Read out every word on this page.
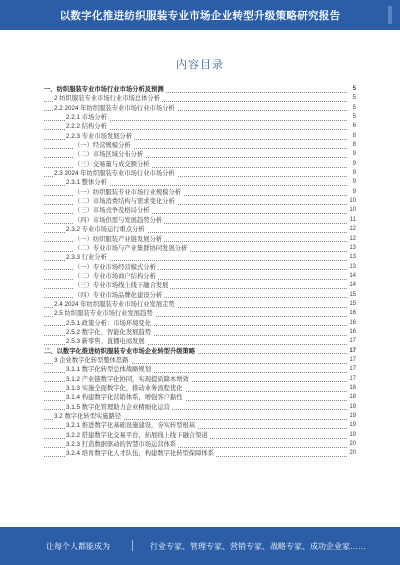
以数字化推进纺织服装专业市场企业转型升级策略研究报告
内容目录
一、纺织服装专业市场行业市场分析及预测	5
2 纺织服装专业市场行业市场总体分析	5
2.2 2024 年纺织服装专业市场行业市场分析	5
2.2.1 市场分析	5
2.2.2 结构分析	6
2.2.3 专业市场发展分析	8
（一）经营规模分析	8
（二）市场区域分布分析	9
（三）交易量与成交额分析	9
2.3 2024 年纺织服装专业市场行业市场分析	9
2.3.1 整体分析	9
（一）纺织服装专业市场行业规模分析	9
（二）市场消费结构与需求变化分析	10
（三）市场竞争及格局分析	10
（四）市场供需与发展趋势分析	11
2.3.2 专业市场运行重点分析	12
（一）纺织服装产业链发展分析	12
（二）专业市场与产业集群协同发展分析	13
2.3.3 行业分析	13
（一）专业市场经营模式分析	13
（二）专业市场商户结构分析	14
（三）专业市场线上线下融合发展	14
（四）专业市场品牌化建设分析	15
2.4 2024 年纺织服装专业市场行业发展走势	15
2.5 纺织服装专业市场行业发展趋势	16
2.5.1 政策分析：市场环境变化	16
2.5.2 数字化、智能化发展趋势	16
2.5.3 新零售、直播电商发展	17
二、以数字化推进纺织服装专业市场企业转型升级策略	17
3 企业数字化转型整体思路	17
3.1.1 数字化转型总体战略规划	17
3.1.2 产业链数字化协同，实现提质降本增效	17
3.1.3 实施全面数字化，推动业务流程优化	18
3.1.4 构建数字化营销体系，增强客户黏性	18
3.1.5 数字化管理助力企业精细化运营	19
3.2 数字化转型实施路径	19
3.2.1 推进数字化基础设施建设，夯实转型根基	19
3.2.2 搭建数字化交易平台，拓展线上线下融合渠道	19
3.2.3 打造数据驱动的智慧市场运营体系	20
3.2.4 培育数字化人才队伍，构建数字化转型保障体系	20
让每个人都能成为	行业专家、管理专家、营销专家、战略专家、成功企业家……
